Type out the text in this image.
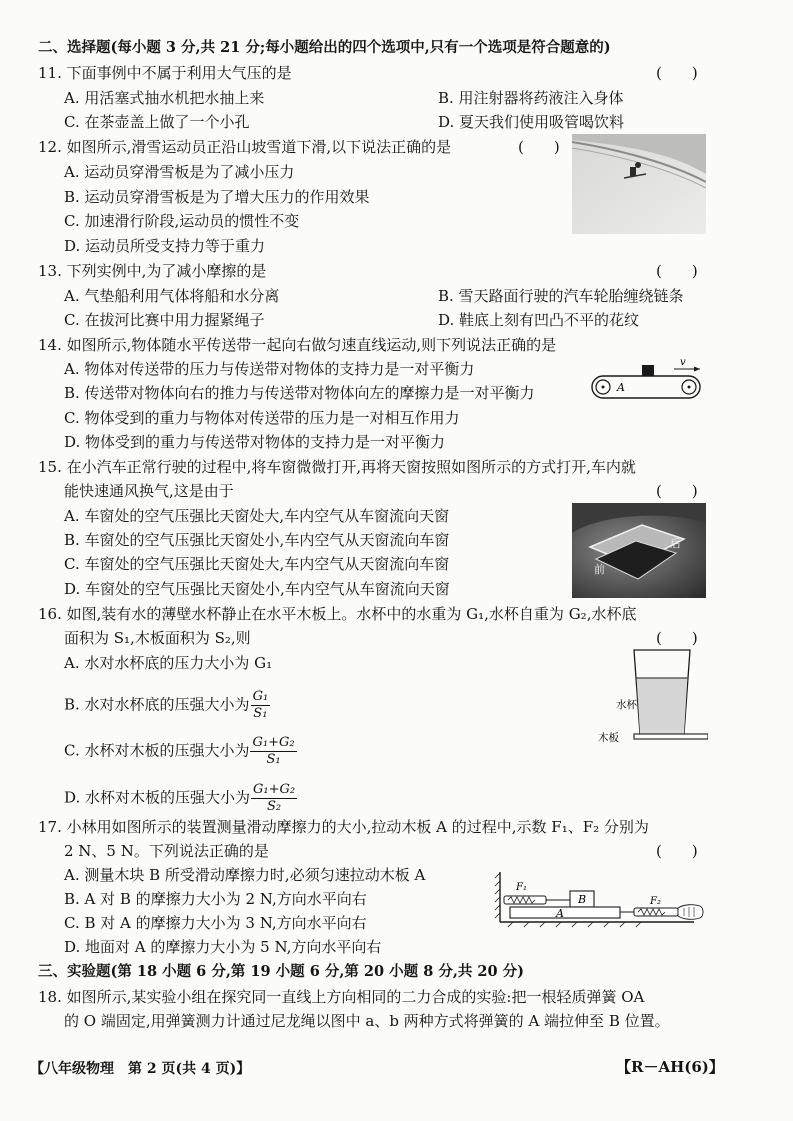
二、选择题(每小题 3 分,共 21 分;每小题给出的四个选项中,只有一个选项是符合题意的)
11. 下面事例中不属于利用大气压的是	(　　)
A. 用活塞式抽水机把水抽上来	B. 用注射器将药液注入身体
C. 在茶壶盖上做了一个小孔	D. 夏天我们使用吸管喝饮料
12. 如图所示,滑雪运动员正沿山坡雪道下滑,以下说法正确的是	(　　)
A. 运动员穿滑雪板是为了减小压力
B. 运动员穿滑雪板是为了增大压力的作用效果
C. 加速滑行阶段,运动员的惯性不变
D. 运动员所受支持力等于重力
13. 下列实例中,为了减小摩擦的是	(　　)
A. 气垫船利用气体将船和水分离	B. 雪天路面行驶的汽车轮胎缠绕链条
C. 在拔河比赛中用力握紧绳子	D. 鞋底上刻有凹凸不平的花纹
14. 如图所示,物体随水平传送带一起向右做匀速直线运动,则下列说法正确的是
A. 物体对传送带的压力与传送带对物体的支持力是一对平衡力
B. 传送带对物体向右的推力与传送带对物体向左的摩擦力是一对平衡力
C. 物体受到的重力与物体对传送带的压力是一对相互作用力
D. 物体受到的重力与传送带对物体的支持力是一对平衡力
v
A
15. 在小汽车正常行驶的过程中,将车窗微微打开,再将天窗按照如图所示的方式打开,车内就
能快速通风换气,这是由于	(　　)
A. 车窗处的空气压强比天窗处大,车内空气从车窗流向天窗
B. 车窗处的空气压强比天窗处小,车内空气从天窗流向车窗
C. 车窗处的空气压强比天窗处大,车内空气从天窗流向车窗
D. 车窗处的空气压强比天窗处小,车内空气从车窗流向天窗
后
前
16. 如图,装有水的薄壁水杯静止在水平木板上。水杯中的水重为 G₁,水杯自重为 G₂,水杯底
面积为 S₁,木板面积为 S₂,则	(　　)
A. 水对水杯底的压力大小为 G₁
B. 水对水杯底的压强大小为 $\frac{\text{G₁}}{\text{S₁}}$
C. 水杯对木板的压强大小为 $\frac{\text{G₁+G₂}}{\text{S₁}}$
D. 水杯对木板的压强大小为 $\frac{\text{G₁+G₂}}{\text{S₂}}$
水杯
木板
17. 小林用如图所示的装置测量滑动摩擦力的大小,拉动木板 A 的过程中,示数 F₁、F₂ 分别为
2 N、5 N。下列说法正确的是	(　　)
A. 测量木块 B 所受滑动摩擦力时,必须匀速拉动木板 A
B. A 对 B 的摩擦力大小为 2 N,方向水平向右
C. B 对 A 的摩擦力大小为 3 N,方向水平向右
D. 地面对 A 的摩擦力大小为 5 N,方向水平向右
F₁
B
A
F₂
三、实验题(第 18 小题 6 分,第 19 小题 6 分,第 20 小题 8 分,共 20 分)
18. 如图所示,某实验小组在探究同一直线上方向相同的二力合成的实验:把一根轻质弹簧 OA
的 O 端固定,用弹簧测力计通过尼龙绳以图中 a、b 两种方式将弹簧的 A 端拉伸至 B 位置。
【八年级物理　第 2 页(共 4 页)】	【R－AH(6)】
